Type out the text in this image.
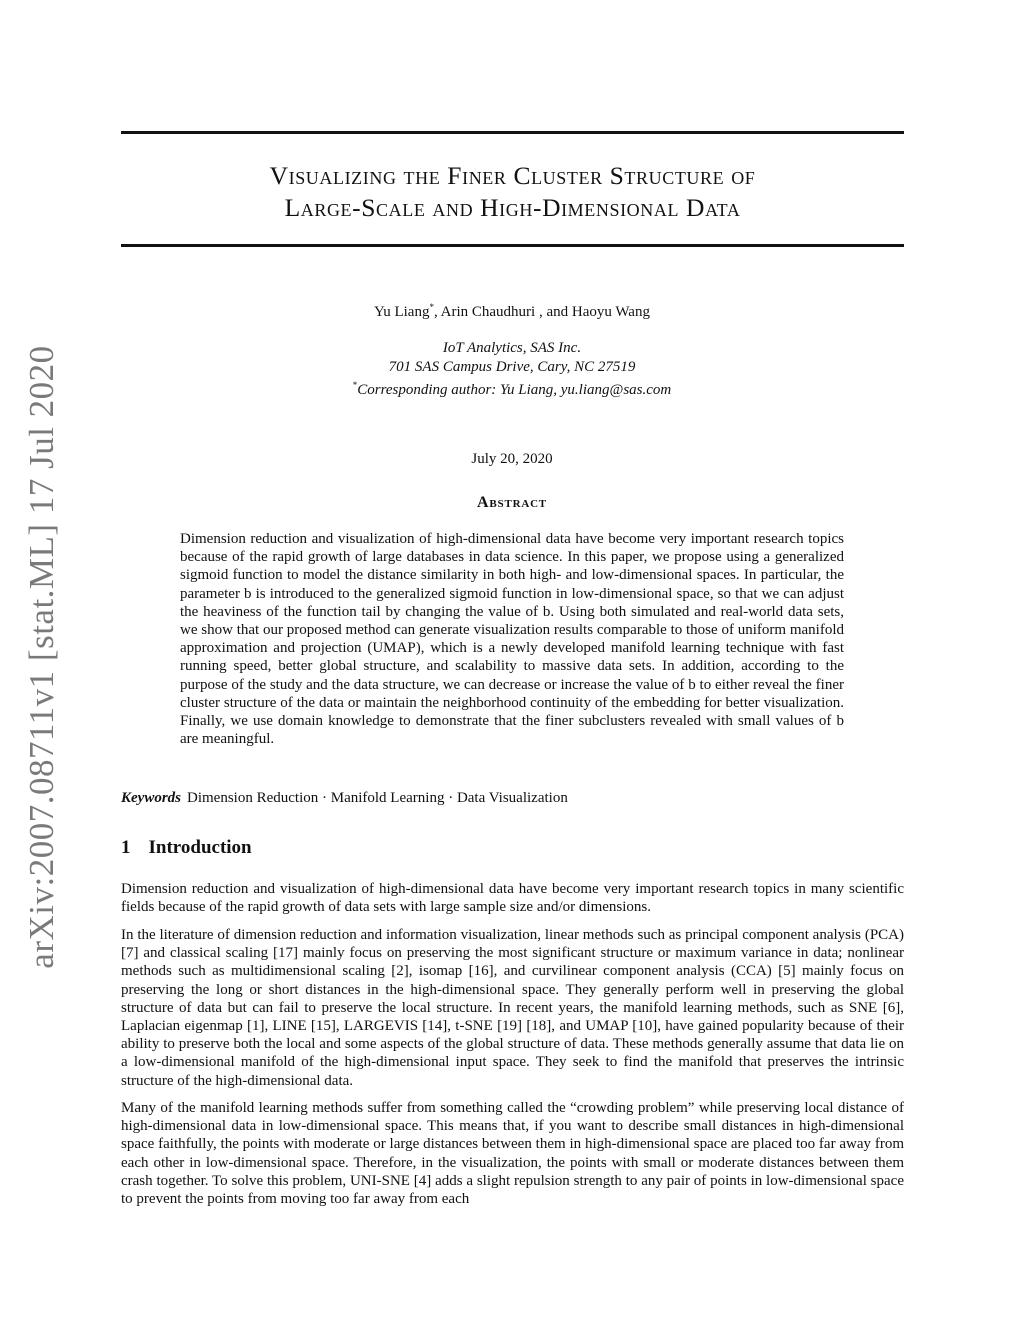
arXiv:2007.08711v1 [stat.ML] 17 Jul 2020
Visualizing the Finer Cluster Structure of
Large-Scale and High-Dimensional Data
Yu Liang*, Arin Chaudhuri , and Haoyu Wang
IoT Analytics, SAS Inc.
701 SAS Campus Drive, Cary, NC 27519
*Corresponding author: Yu Liang, yu.liang@sas.com
July 20, 2020
Abstract
Dimension reduction and visualization of high-dimensional data have become very important research topics because of the rapid growth of large databases in data science. In this paper, we propose using a generalized sigmoid function to model the distance similarity in both high- and low-dimensional spaces. In particular, the parameter b is introduced to the generalized sigmoid function in low-dimensional space, so that we can adjust the heaviness of the function tail by changing the value of b. Using both simulated and real-world data sets, we show that our proposed method can generate visualization results comparable to those of uniform manifold approximation and projection (UMAP), which is a newly developed manifold learning technique with fast running speed, better global structure, and scalability to massive data sets. In addition, according to the purpose of the study and the data structure, we can decrease or increase the value of b to either reveal the finer cluster structure of the data or maintain the neighborhood continuity of the embedding for better visualization. Finally, we use domain knowledge to demonstrate that the finer subclusters revealed with small values of b are meaningful.
Keywords Dimension Reduction · Manifold Learning · Data Visualization
1 Introduction
Dimension reduction and visualization of high-dimensional data have become very important research topics in many scientific fields because of the rapid growth of data sets with large sample size and/or dimensions.
In the literature of dimension reduction and information visualization, linear methods such as principal component analysis (PCA) [7] and classical scaling [17] mainly focus on preserving the most significant structure or maximum variance in data; nonlinear methods such as multidimensional scaling [2], isomap [16], and curvilinear component analysis (CCA) [5] mainly focus on preserving the long or short distances in the high-dimensional space. They generally perform well in preserving the global structure of data but can fail to preserve the local structure. In recent years, the manifold learning methods, such as SNE [6], Laplacian eigenmap [1], LINE [15], LARGEVIS [14], t-SNE [19] [18], and UMAP [10], have gained popularity because of their ability to preserve both the local and some aspects of the global structure of data. These methods generally assume that data lie on a low-dimensional manifold of the high-dimensional input space. They seek to find the manifold that preserves the intrinsic structure of the high-dimensional data.
Many of the manifold learning methods suffer from something called the “crowding problem” while preserving local distance of high-dimensional data in low-dimensional space. This means that, if you want to describe small distances in high-dimensional space faithfully, the points with moderate or large distances between them in high-dimensional space are placed too far away from each other in low-dimensional space. Therefore, in the visualization, the points with small or moderate distances between them crash together. To solve this problem, UNI-SNE [4] adds a slight repulsion strength to any pair of points in low-dimensional space to prevent the points from moving too far away from each
